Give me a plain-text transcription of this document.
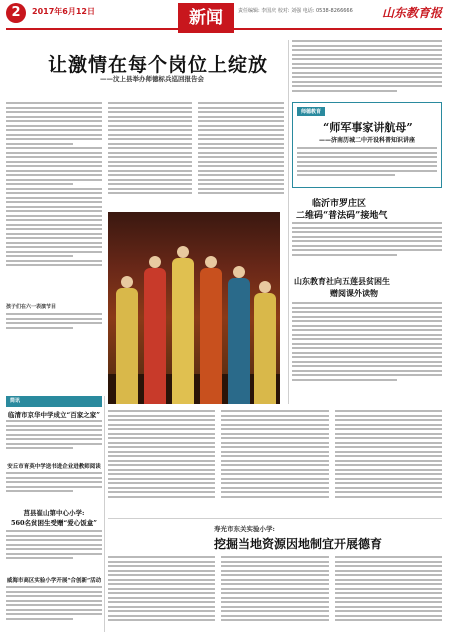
2	2017年6月12日	新闻	责任编辑: 李国庆 校对: 刘强 电话: 0538-8266666 山东教育报
让激情在每个岗位上绽放
——汶上县举办师德标兵巡回报告会
孩子们在六一表演节目
师德教育
“师军事家讲航母”
——济南历城二中开设科普知识讲座
临沂市罗庄区
二维码“普法码”接地气
山东教育社向五莲县贫困生
赠阅课外读物
寿光市东关实验小学:
挖掘当地资源因地制宜开展德育
简讯
临清市京华中学成立“百家之家”
安丘市育英中学送书进企业进教师阅读
莒县崔山第中心小学:
560名贫困生受赠“爱心饭盒”
威海市高区实验小学开展“合创新”活动
